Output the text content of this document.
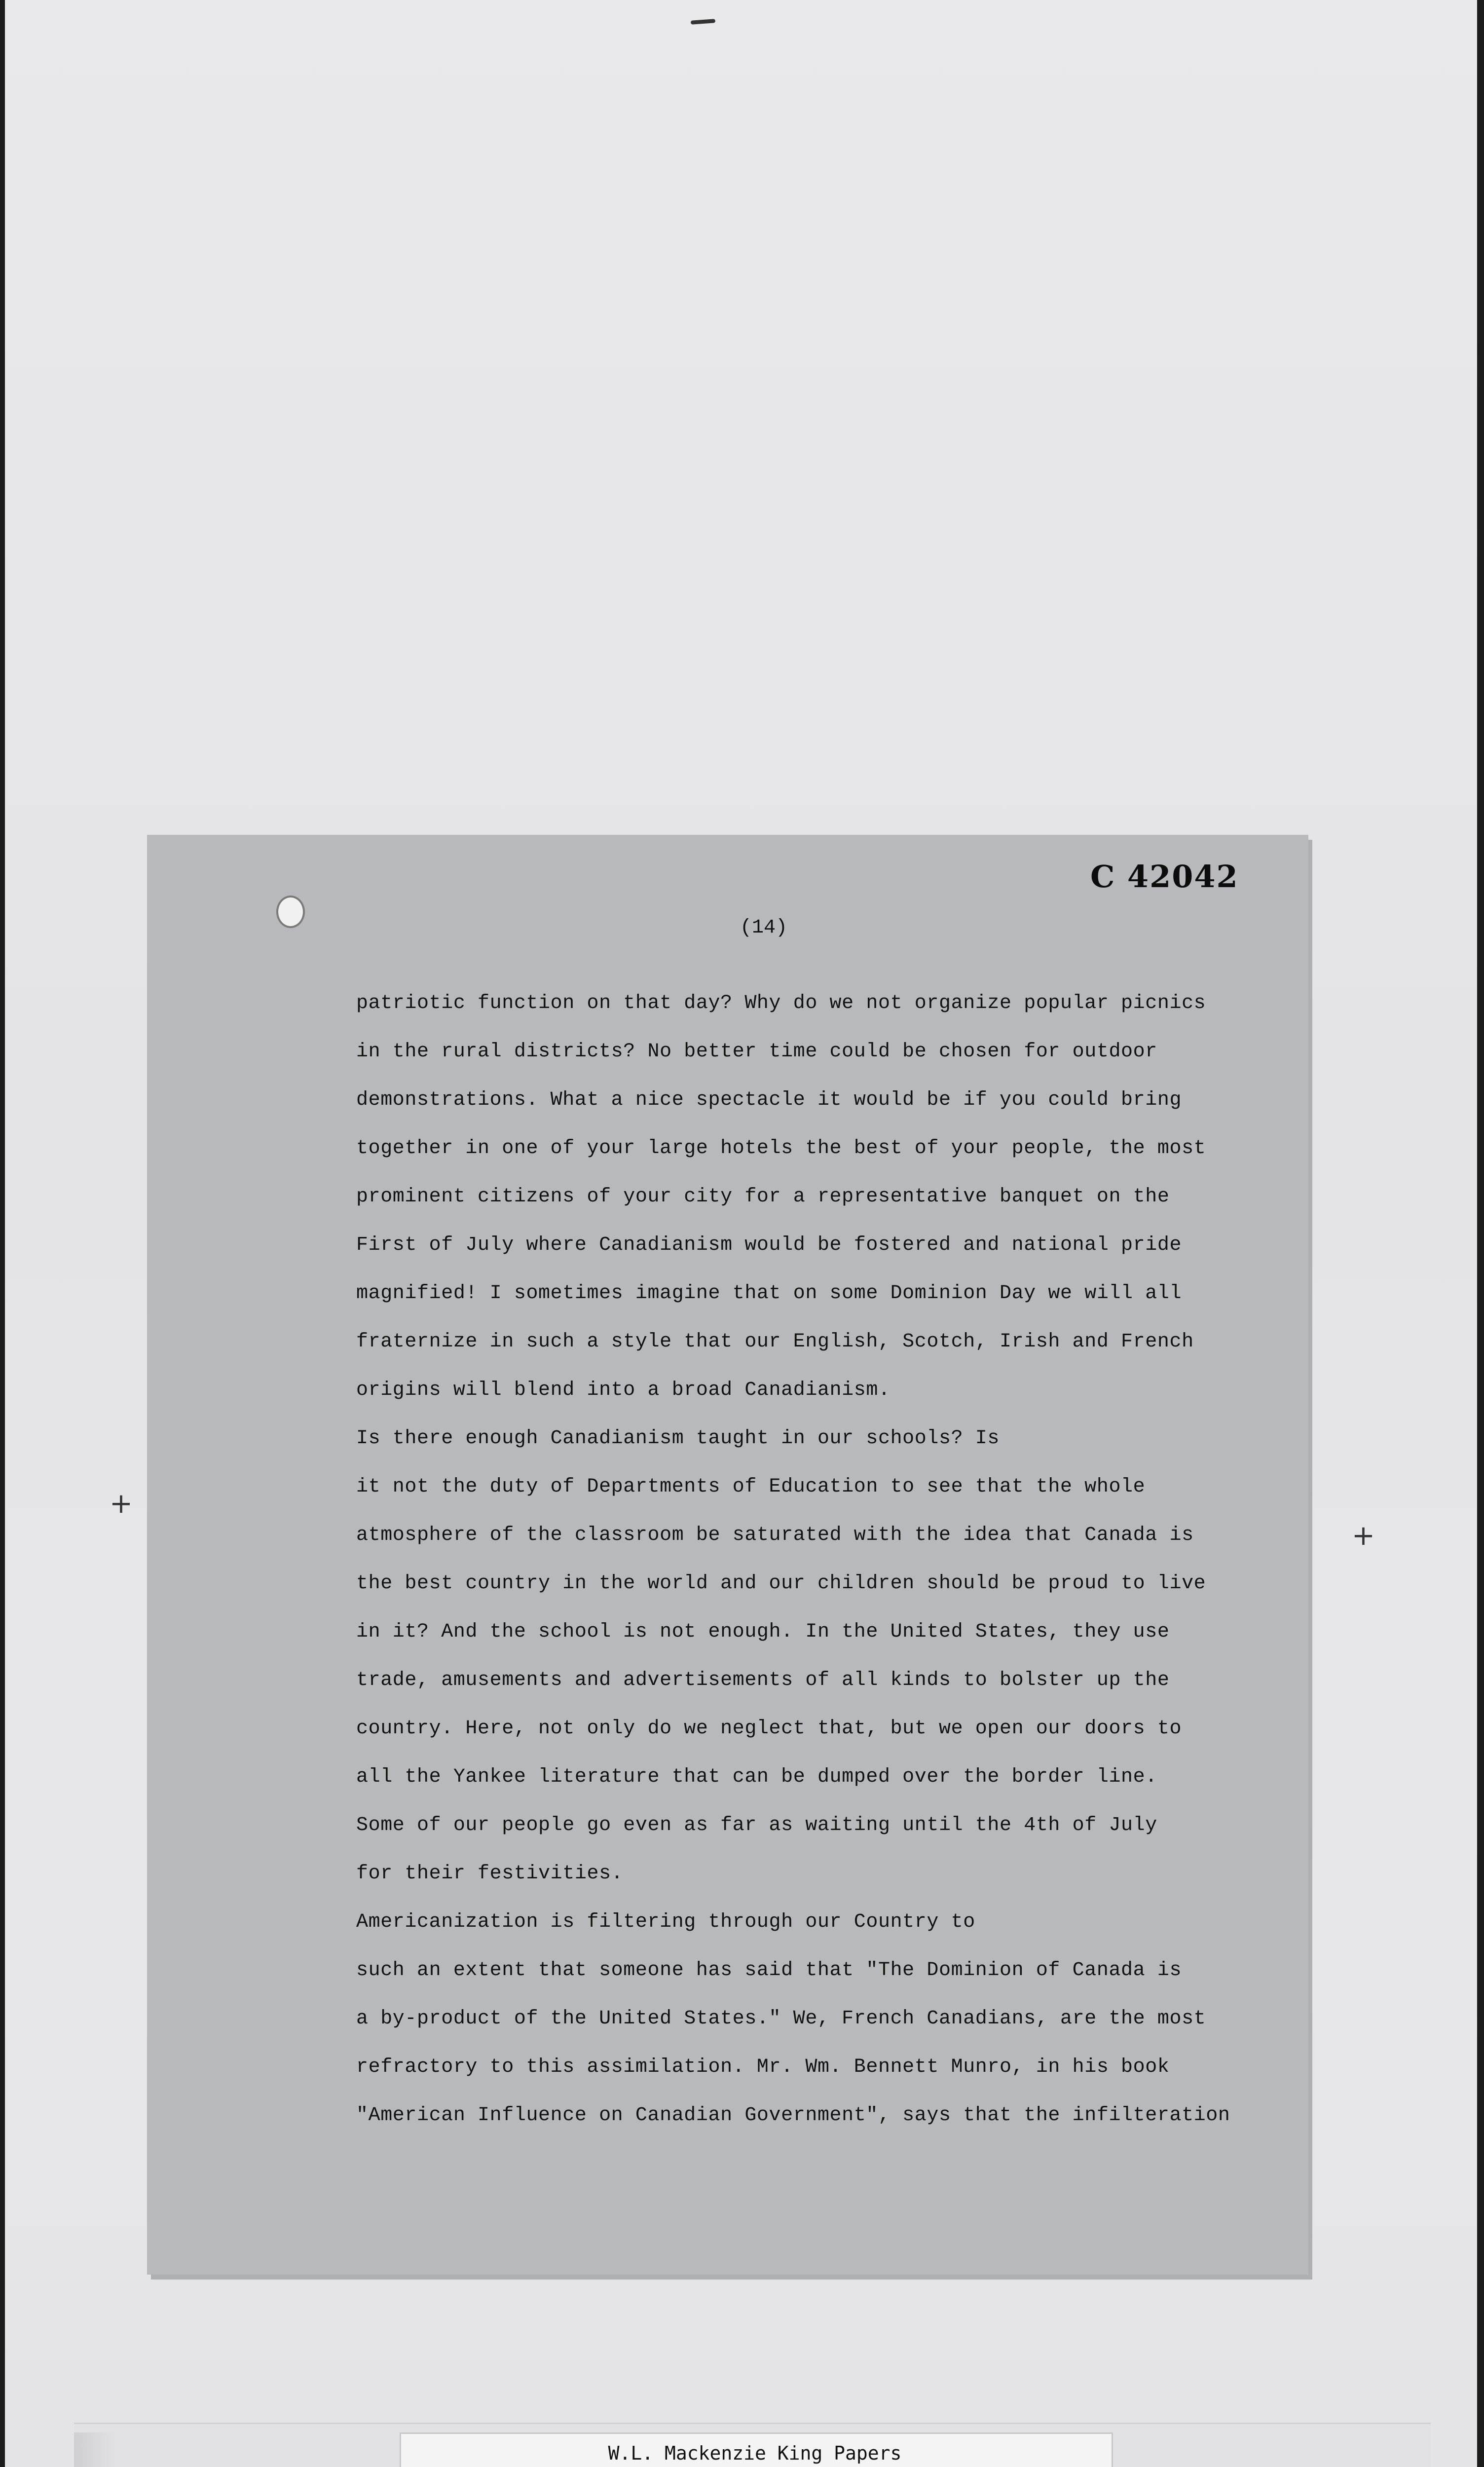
C 42042
(14)
patriotic function on that day? Why do we not organize popular picnics
in the rural districts? No better time could be chosen for outdoor
demonstrations. What a nice spectacle it would be if you could bring
together in one of your large hotels the best of your people, the most
prominent citizens of your city for a representative banquet on the
First of July where Canadianism would be fostered and national pride
magnified! I sometimes imagine that on some Dominion Day we will all
fraternize in such a style that our English, Scotch, Irish and French
origins will blend into a broad Canadianism.
Is there enough Canadianism taught in our schools? Is
it not the duty of Departments of Education to see that the whole
atmosphere of the classroom be saturated with the idea that Canada is
the best country in the world and our children should be proud to live
in it? And the school is not enough. In the United States, they use
trade, amusements and advertisements of all kinds to bolster up the
country. Here, not only do we neglect that, but we open our doors to
all the Yankee literature that can be dumped over the border line.
Some of our people go even as far as waiting until the 4th of July
for their festivities.
Americanization is filtering through our Country to
such an extent that someone has said that "The Dominion of Canada is
a by-product of the United States." We, French Canadians, are the most
refractory to this assimilation. Mr. Wm. Bennett Munro, in his book
"American Influence on Canadian Government", says that the infilteration
+
+
W.L. Mackenzie King Papers
